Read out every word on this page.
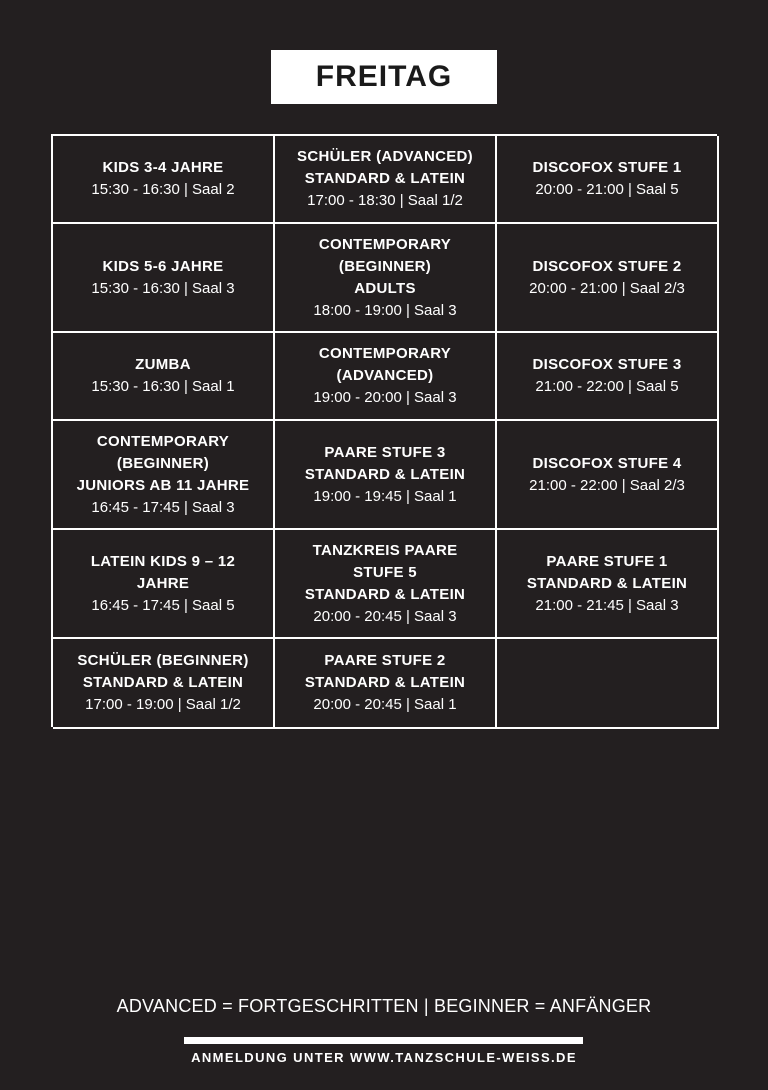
FREITAG
KIDS 3-4 JAHRE
15:30 - 16:30 | Saal 2
SCHÜLER (ADVANCED)
STANDARD & LATEIN
17:00 - 18:30 | Saal 1/2
DISCOFOX STUFE 1
20:00 - 21:00 | Saal 5
KIDS 5-6 JAHRE
15:30 - 16:30 | Saal 3
CONTEMPORARY
(BEGINNER)
ADULTS
18:00 - 19:00 | Saal 3
DISCOFOX STUFE 2
20:00 - 21:00 | Saal 2/3
ZUMBA
15:30 - 16:30 | Saal 1
CONTEMPORARY
(ADVANCED)
19:00 - 20:00 | Saal 3
DISCOFOX STUFE 3
21:00 - 22:00 | Saal 5
CONTEMPORARY
(BEGINNER)
JUNIORS AB 11 JAHRE
16:45 - 17:45 | Saal 3
PAARE STUFE 3
STANDARD & LATEIN
19:00 - 19:45 | Saal 1
DISCOFOX STUFE 4
21:00 - 22:00 | Saal 2/3
LATEIN KIDS 9 – 12
JAHRE
16:45 - 17:45 | Saal 5
TANZKREIS PAARE
STUFE 5
STANDARD & LATEIN
20:00 - 20:45 | Saal 3
PAARE STUFE 1
STANDARD & LATEIN
21:00 - 21:45 | Saal 3
SCHÜLER (BEGINNER)
STANDARD & LATEIN
17:00 - 19:00 | Saal 1/2
PAARE STUFE 2
STANDARD & LATEIN
20:00 - 20:45 | Saal 1
ADVANCED = FORTGESCHRITTEN | BEGINNER = ANFÄNGER
ANMELDUNG UNTER WWW.TANZSCHULE-WEISS.DE
